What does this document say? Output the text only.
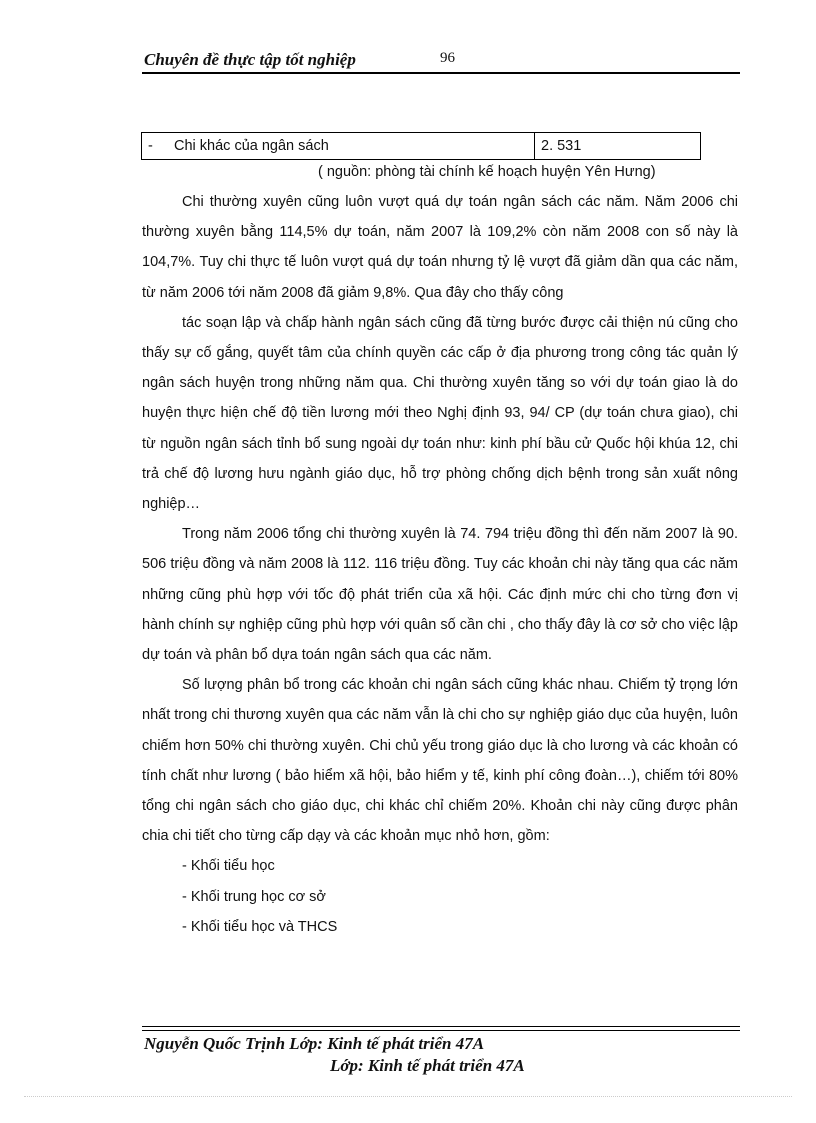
Chuyên đề thực tập tốt nghiệp	96
- Chi khác của ngân sách	2. 531
( nguồn: phòng tài chính kế hoạch huyện Yên Hưng)

Chi thường xuyên cũng luôn vượt quá dự toán ngân sách các năm. Năm 2006 chi thường xuyên bằng 114,5% dự toán, năm 2007 là 109,2% còn năm 2008 con số này là 104,7%. Tuy chi thực tế luôn vượt quá dự toán nhưng tỷ lệ vượt đã giảm dần qua các năm, từ năm 2006 tới năm 2008 đã giảm 9,8%. Qua đây cho thấy công

tác soạn lập và chấp hành ngân sách cũng đã từng bước được cải thiện nú cũng cho thấy sự cố gắng, quyết tâm của chính quyền các cấp ở địa phương trong công tác quản lý ngân sách huyện trong những năm qua. Chi thường xuyên tăng so với dự toán giao là do huyện thực hiện chế độ tiền lương mới theo Nghị định 93, 94/ CP (dự toán chưa giao), chi từ nguồn ngân sách tỉnh bổ sung ngoài dự toán như: kinh phí bầu cử Quốc hội khúa 12, chi trả chế độ lương hưu ngành giáo dục, hỗ trợ phòng chống dịch bệnh trong sản xuất nông nghiệp…

Trong năm 2006 tổng chi thường xuyên là 74. 794 triệu đồng thì đến năm 2007 là 90. 506 triệu đồng và năm 2008 là 112. 116 triệu đồng. Tuy các khoản chi này tăng qua các năm những cũng phù hợp với tốc độ phát triển của xã hội. Các định mức chi cho từng đơn vị hành chính sự nghiệp cũng phù hợp với quân số cần chi , cho thấy đây là cơ sở cho việc lập dự toán và phân bổ dựa toán ngân sách qua các năm.

Số lượng phân bổ trong các khoản chi ngân sách cũng khác nhau. Chiếm tỷ trọng lớn nhất trong chi thương xuyên qua các năm vẫn là chi cho sự nghiệp giáo dục của huyện, luôn chiếm hơn 50% chi thường xuyên. Chi chủ yếu trong giáo dục là cho lương và các khoản có tính chất như lương ( bảo hiểm xã hội, bảo hiểm y tế, kinh phí công đoàn…), chiếm tới 80% tổng chi ngân sách cho giáo dục, chi khác chỉ chiếm 20%. Khoản chi này cũng được phân chia chi tiết cho từng cấp dạy và các khoản mục nhỏ hơn, gồm:

- Khối tiểu học
- Khối trung học cơ sở
- Khối tiểu học và THCS
Nguyễn Quốc Trịnh Lớp: Kinh tế phát triển 47A
Lớp: Kinh tế phát triển 47A
